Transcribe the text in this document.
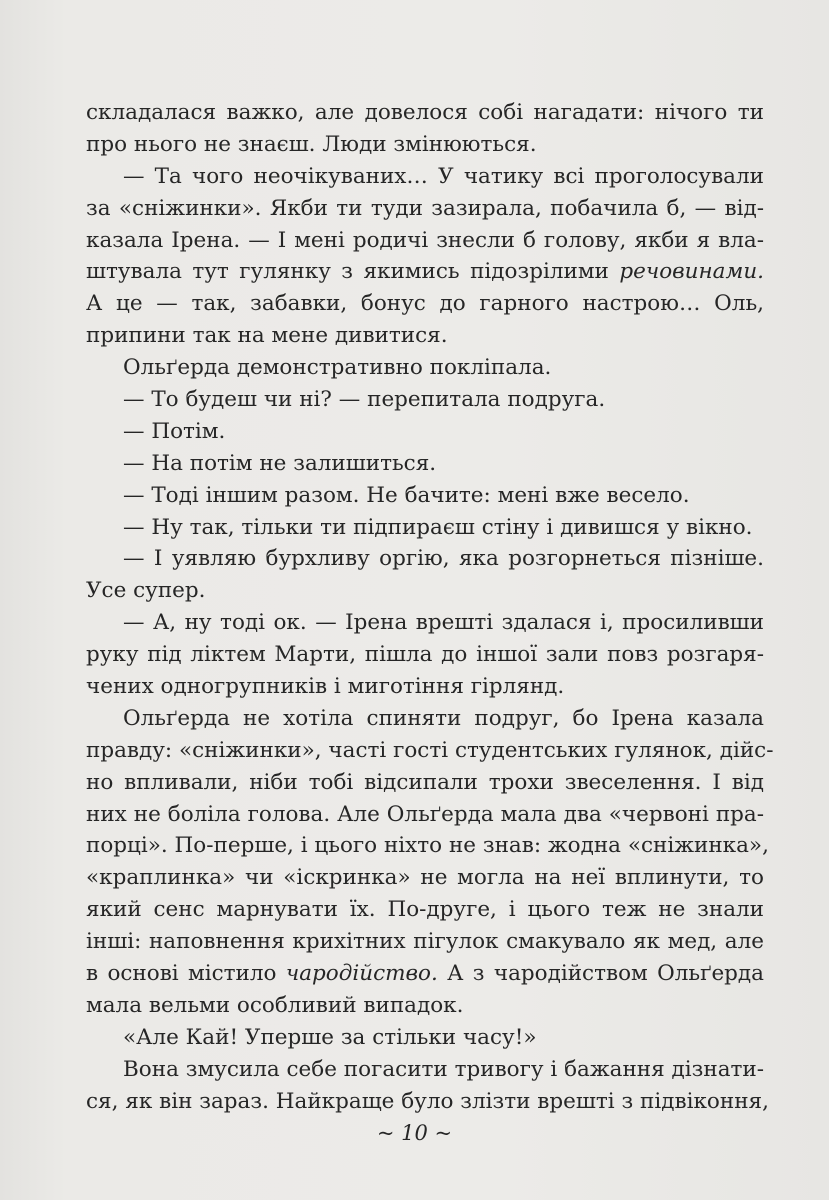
складалася важко, але довелося собі нагадати: нічого ти
про нього не знаєш. Люди змінюються.
— Та чого неочікуваних… У чатику всі проголосували
за «сніжинки». Якби ти туди зазирала, побачила б, — від-
казала Ірена. — І мені родичі знесли б голову, якби я вла-
штувала тут гулянку з якимись підозрілими речовинами.
А це — так, забавки, бонус до гарного настрою… Оль,
припини так на мене дивитися.
Ольґерда демонстративно покліпала.
— То будеш чи ні? — перепитала подруга.
— Потім.
— На потім не залишиться.
— Тоді іншим разом. Не бачите: мені вже весело.
— Ну так, тільки ти підпираєш стіну і дивишся у вікно.
— І уявляю бурхливу оргію, яка розгорнеться пізніше.
Усе супер.
— А, ну тоді ок. — Ірена врешті здалася і, просиливши
руку під ліктем Марти, пішла до іншої зали повз розгаря-
чених одногрупників і миготіння гірлянд.
Ольґерда не хотіла спиняти подруг, бо Ірена казала
правду: «сніжинки», часті гості студентських гулянок, дійс-
но впливали, ніби тобі відсипали трохи звеселення. І від
них не боліла голова. Але Ольґерда мала два «червоні пра-
порці». По-перше, і цього ніхто не знав: жодна «сніжинка»,
«краплинка» чи «іскринка» не могла на неї вплинути, то
який сенс марнувати їх. По-друге, і цього теж не знали
інші: наповнення крихітних пігулок смакувало як мед, але
в основі містило чародійство. А з чародійством Ольґерда
мала вельми особливий випадок.
«Але Кай! Уперше за стільки часу!»
Вона змусила себе погасити тривогу і бажання дізнати-
ся, як він зараз. Найкраще було злізти врешті з підвіконня,
~ 10 ~
